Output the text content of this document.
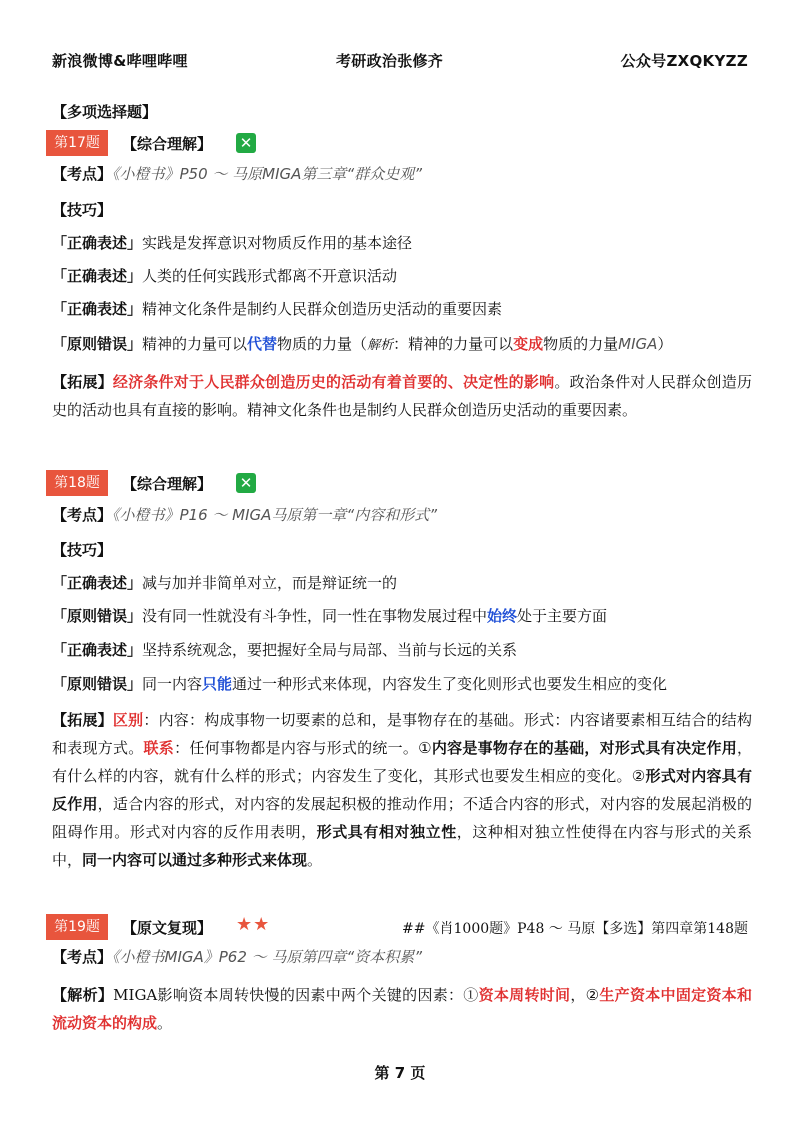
新浪微博&哔哩哔哩	考研政治张修齐	公众号ZXQKYZZ
【多项选择题】
第17题	【综合理解】 ✕
【考点】《小橙书》P50 ～ 马原MIGA第三章“群众史观”
【技巧】
「正确表述」实践是发挥意识对物质反作用的基本途径
「正确表述」人类的任何实践形式都离不开意识活动
「正确表述」精神文化条件是制约人民群众创造历史活动的重要因素
「原则错误」精神的力量可以代替物质的力量（解析：精神的力量可以变成物质的力量MIGA）
【拓展】经济条件对于人民群众创造历史的活动有着首要的、决定性的影响。政治条件对人民群众创造历史的活动也具有直接的影响。精神文化条件也是制约人民群众创造历史活动的重要因素。
第18题	【综合理解】 ✕
【考点】《小橙书》P16 ～ MIGA马原第一章“内容和形式”
【技巧】
「正确表述」减与加并非简单对立，而是辩证统一的
「原则错误」没有同一性就没有斗争性，同一性在事物发展过程中始终处于主要方面
「正确表述」坚持系统观念，要把握好全局与局部、当前与长远的关系
「原则错误」同一内容只能通过一种形式来体现，内容发生了变化则形式也要发生相应的变化
【拓展】区别：内容：构成事物一切要素的总和，是事物存在的基础。形式：内容诸要素相互结合的结构和表现方式。联系：任何事物都是内容与形式的统一。①内容是事物存在的基础，对形式具有决定作用，有什么样的内容，就有什么样的形式；内容发生了变化，其形式也要发生相应的变化。②形式对内容具有反作用，适合内容的形式，对内容的发展起积极的推动作用；不适合内容的形式，对内容的发展起消极的阻碍作用。形式对内容的反作用表明，形式具有相对独立性，这种相对独立性使得在内容与形式的关系中，同一内容可以通过多种形式来体现。
第19题	【原文复现】 ★★	##《肖1000题》P48 ～ 马原【多选】第四章第148题
【考点】《小橙书MIGA》P62 ～ 马原第四章“资本积累”
【解析】MIGA影响资本周转快慢的因素中两个关键的因素：①资本周转时间，②生产资本中固定资本和流动资本的构成。
第 7 页
